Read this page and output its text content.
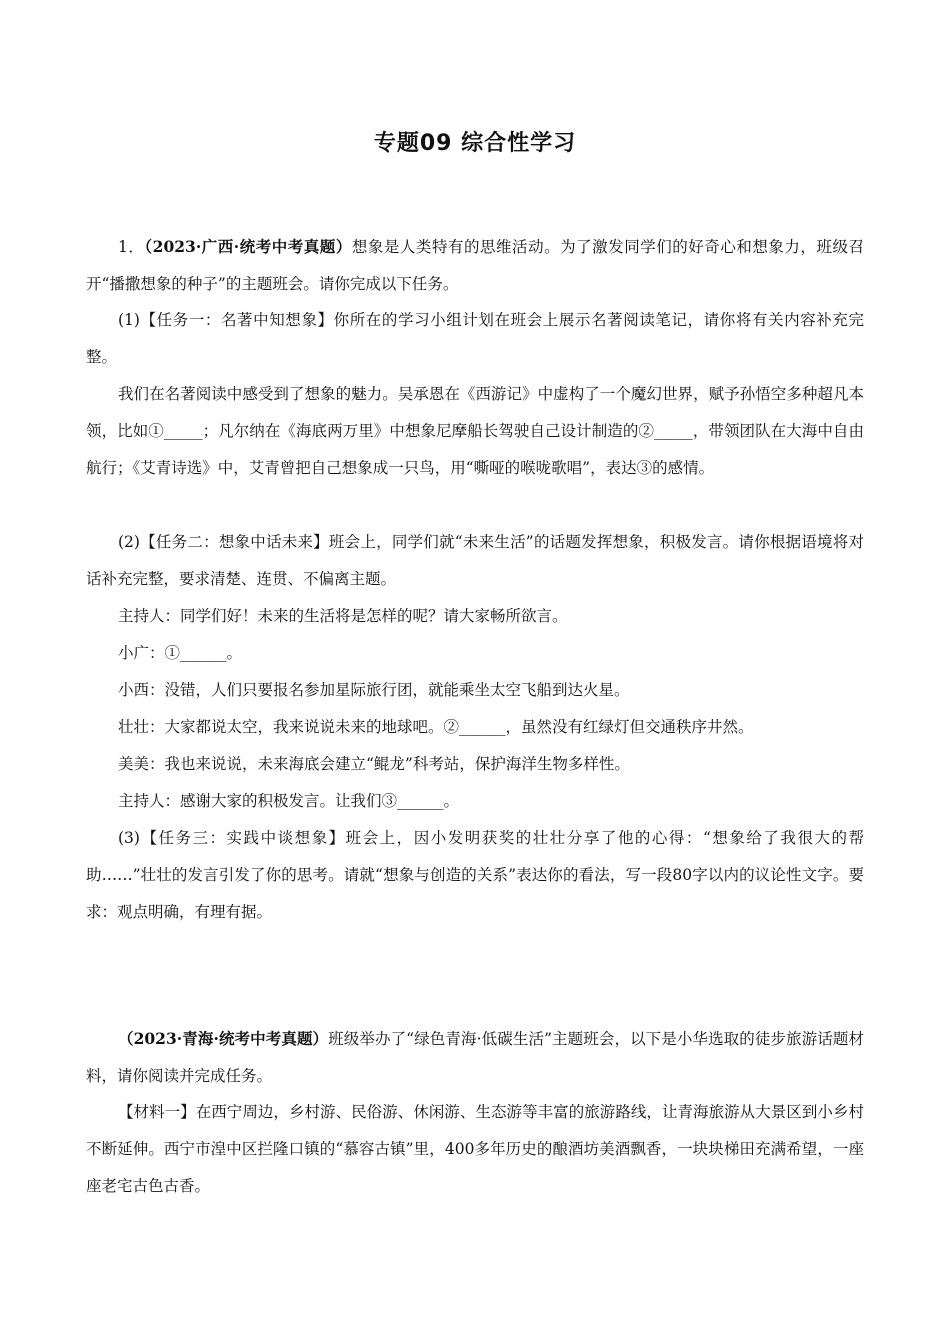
专题09 综合性学习
1．（2023·广西·统考中考真题）想象是人类特有的思维活动。为了激发同学们的好奇心和想象力，班级召开“播撒想象的种子”的主题班会。请你完成以下任务。
(1)【任务一：名著中知想象】你所在的学习小组计划在班会上展示名著阅读笔记，请你将有关内容补充完整。
我们在名著阅读中感受到了想象的魅力。吴承恩在《西游记》中虚构了一个魔幻世界，赋予孙悟空多种超凡本领，比如①_____；凡尔纳在《海底两万里》中想象尼摩船长驾驶自己设计制造的②_____，带领团队在大海中自由航行；《艾青诗选》中，艾青曾把自己想象成一只鸟，用“嘶哑的喉咙歌唱”，表达③的感情。
(2)【任务二：想象中话未来】班会上，同学们就“未来生活”的话题发挥想象，积极发言。请你根据语境将对话补充完整，要求清楚、连贯、不偏离主题。
主持人：同学们好！未来的生活将是怎样的呢？请大家畅所欲言。
小广：①______。
小西：没错，人们只要报名参加星际旅行团，就能乘坐太空飞船到达火星。
壮壮：大家都说太空，我来说说未来的地球吧。②______，虽然没有红绿灯但交通秩序井然。
美美：我也来说说，未来海底会建立“鲲龙”科考站，保护海洋生物多样性。
主持人：感谢大家的积极发言。让我们③______。
(3)【任务三：实践中谈想象】班会上，因小发明获奖的壮壮分享了他的心得：“想象给了我很大的帮助……”壮壮的发言引发了你的思考。请就“想象与创造的关系”表达你的看法，写一段80字以内的议论性文字。要求：观点明确，有理有据。
（2023·青海·统考中考真题）班级举办了“绿色青海·低碳生活”主题班会，以下是小华选取的徒步旅游话题材料，请你阅读并完成任务。
【材料一】在西宁周边，乡村游、民俗游、休闲游、生态游等丰富的旅游路线，让青海旅游从大景区到小乡村不断延伸。西宁市湟中区拦隆口镇的“慕容古镇”里，400多年历史的酿酒坊美酒飘香，一块块梯田充满希望，一座座老宅古色古香。
